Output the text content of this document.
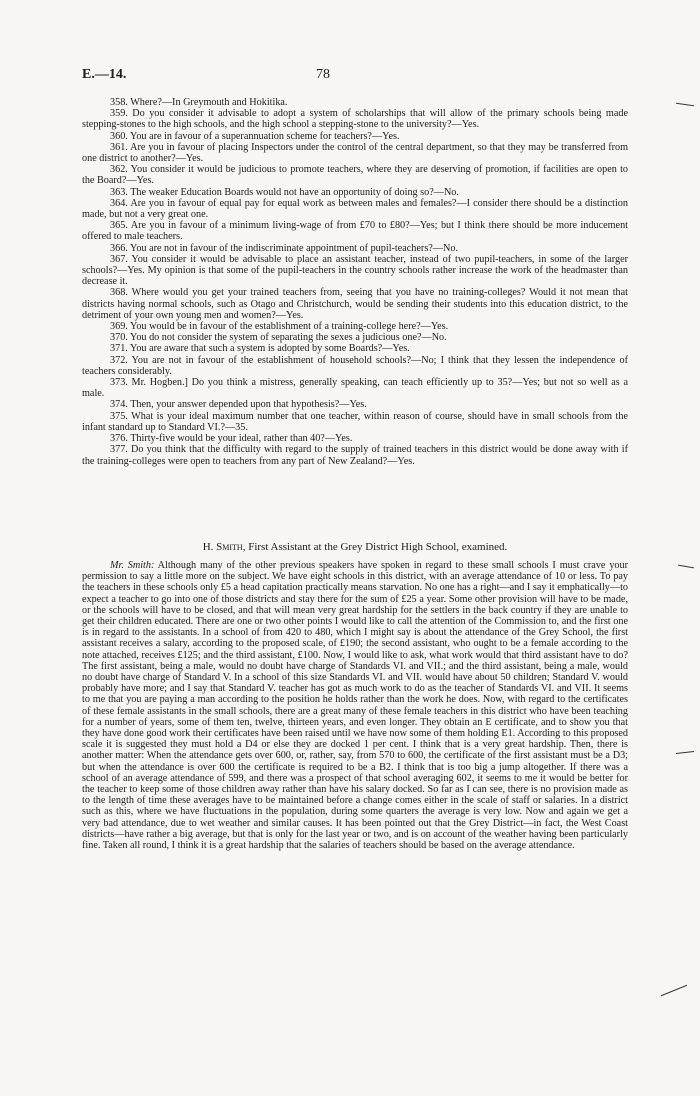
E.—14.	78

358. Where?—In Greymouth and Hokitika.

359. Do you consider it advisable to adopt a system of scholarships that will allow of the primary schools being made stepping-stones to the high schools, and the high school a stepping-stone to the university?—Yes.

360. You are in favour of a superannuation scheme for teachers?—Yes.

361. Are you in favour of placing Inspectors under the control of the central department, so that they may be transferred from one district to another?—Yes.

362. You consider it would be judicious to promote teachers, where they are deserving of promotion, if facilities are open to the Board?—Yes.

363. The weaker Education Boards would not have an opportunity of doing so?—No.

364. Are you in favour of equal pay for equal work as between males and females?—I consider there should be a distinction made, but not a very great one.

365. Are you in favour of a minimum living-wage of from £70 to £80?—Yes; but I think there should be more inducement offered to male teachers.

366. You are not in favour of the indiscriminate appointment of pupil-teachers?—No.

367. You consider it would be advisable to place an assistant teacher, instead of two pupil-teachers, in some of the larger schools?—Yes. My opinion is that some of the pupil-teachers in the country schools rather increase the work of the headmaster than decrease it.

368. Where would you get your trained teachers from, seeing that you have no training-colleges? Would it not mean that districts having normal schools, such as Otago and Christchurch, would be sending their students into this education district, to the detriment of your own young men and women?—Yes.

369. You would be in favour of the establishment of a training-college here?—Yes.

370. You do not consider the system of separating the sexes a judicious one?—No.

371. You are aware that such a system is adopted by some Boards?—Yes.

372. You are not in favour of the establishment of household schools?—No; I think that they lessen the independence of teachers considerably.

373. Mr. Hogben.] Do you think a mistress, generally speaking, can teach efficiently up to 35?—Yes; but not so well as a male.

374. Then, your answer depended upon that hypothesis?—Yes.

375. What is your ideal maximum number that one teacher, within reason of course, should have in small schools from the infant standard up to Standard VI.?—35.

376. Thirty-five would be your ideal, rather than 40?—Yes.

377. Do you think that the difficulty with regard to the supply of trained teachers in this district would be done away with if the training-colleges were open to teachers from any part of New Zealand?—Yes.

H. Smith, First Assistant at the Grey District High School, examined.
Mr. Smith: Although many of the other previous speakers have spoken in regard to these small schools I must crave your permission to say a little more on the subject. We have eight schools in this district, with an average attendance of 10 or less. To pay the teachers in these schools only £5 a head capitation practically means starvation. No one has a right—and I say it emphatically—to expect a teacher to go into one of those districts and stay there for the sum of £25 a year. Some other provision will have to be made, or the schools will have to be closed, and that will mean very great hardship for the settlers in the back country if they are unable to get their children educated. There are one or two other points I would like to call the attention of the Commission to, and the first one is in regard to the assistants. In a school of from 420 to 480, which I might say is about the attendance of the Grey School, the first assistant receives a salary, according to the proposed scale, of £190; the second assistant, who ought to be a female according to the note attached, receives £125; and the third assistant, £100. Now, I would like to ask, what work would that third assistant have to do? The first assistant, being a male, would no doubt have charge of Standards VI. and VII.; and the third assistant, being a male, would no doubt have charge of Standard V. In a school of this size Standards VI. and VII. would have about 50 children; Standard V. would probably have more; and I say that Standard V. teacher has got as much work to do as the teacher of Standards VI. and VII. It seems to me that you are paying a man according to the position he holds rather than the work he does. Now, with regard to the certificates of these female assistants in the small schools, there are a great many of these female teachers in this district who have been teaching for a number of years, some of them ten, twelve, thirteen years, and even longer. They obtain an E certificate, and to show you that they have done good work their certificates have been raised until we have now some of them holding E1. According to this proposed scale it is suggested they must hold a D4 or else they are docked 1 per cent. I think that is a very great hardship. Then, there is another matter: When the attendance gets over 600, or, rather, say, from 570 to 600, the certificate of the first assistant must be a D3; but when the attendance is over 600 the certificate is required to be a B2. I think that is too big a jump altogether. If there was a school of an average attendance of 599, and there was a prospect of that school averaging 602, it seems to me it would be better for the teacher to keep some of those children away rather than have his salary docked. So far as I can see, there is no provision made as to the length of time these averages have to be maintained before a change comes either in the scale of staff or salaries. In a district such as this, where we have fluctuations in the population, during some quarters the average is very low. Now and again we get a very bad attendance, due to wet weather and similar causes. It has been pointed out that the Grey District—in fact, the West Coast districts—have rather a big average, but that is only for the last year or two, and is on account of the weather having been particularly fine. Taken all round, I think it is a great hardship that the salaries of teachers should be based on the average attendance.
